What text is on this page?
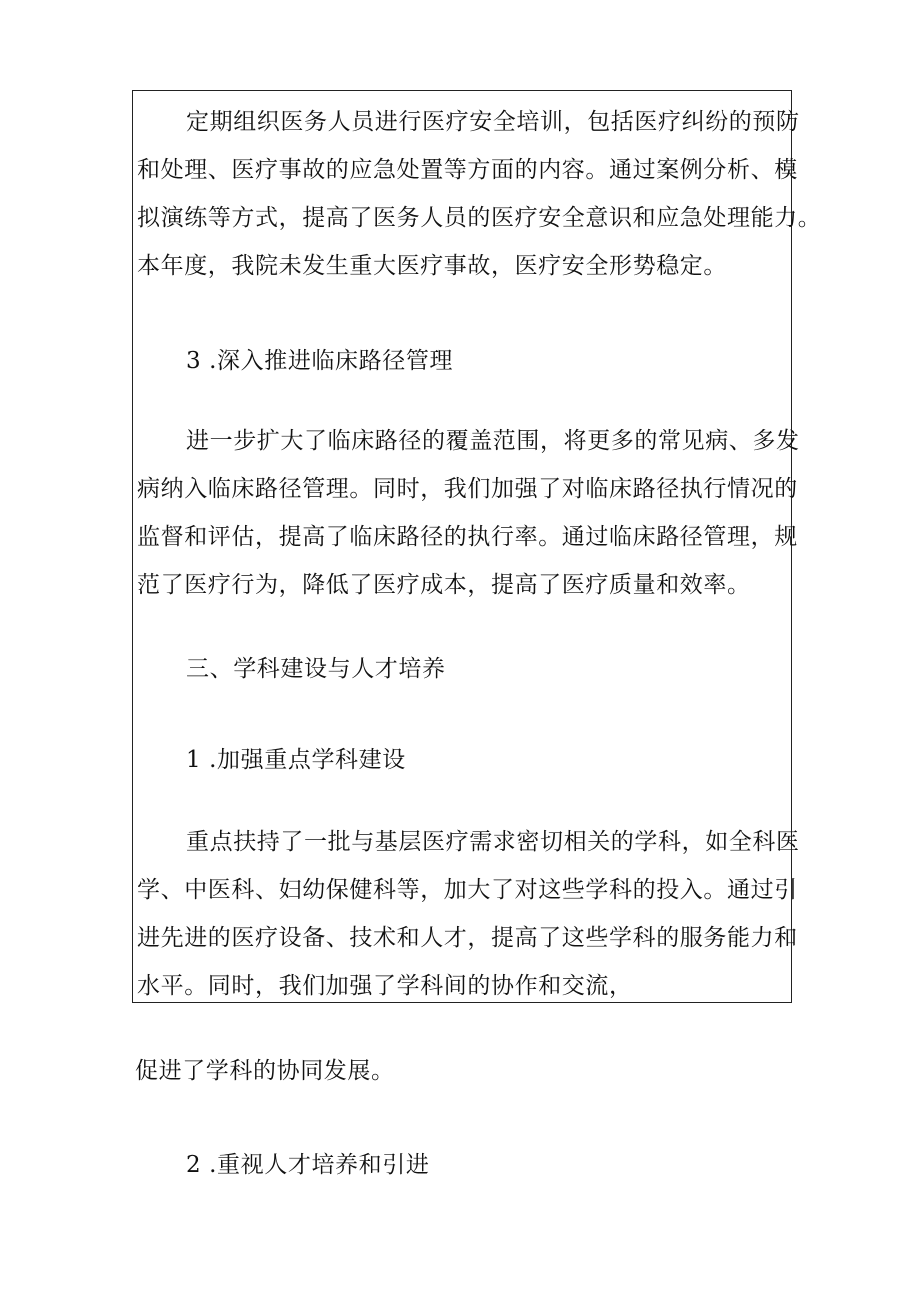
定期组织医务人员进行医疗安全培训，包括医疗纠纷的预防
和处理、医疗事故的应急处置等方面的内容。通过案例分析、模
拟演练等方式，提高了医务人员的医疗安全意识和应急处理能力。
本年度，我院未发生重大医疗事故，医疗安全形势稳定。
3 .深入推进临床路径管理
进一步扩大了临床路径的覆盖范围，将更多的常见病、多发
病纳入临床路径管理。同时，我们加强了对临床路径执行情况的
监督和评估，提高了临床路径的执行率。通过临床路径管理，规
范了医疗行为，降低了医疗成本，提高了医疗质量和效率。
三、学科建设与人才培养
1 .加强重点学科建设
重点扶持了一批与基层医疗需求密切相关的学科，如全科医
学、中医科、妇幼保健科等，加大了对这些学科的投入。通过引
进先进的医疗设备、技术和人才，提高了这些学科的服务能力和
水平。同时，我们加强了学科间的协作和交流，
促进了学科的协同发展。
2 .重视人才培养和引进
